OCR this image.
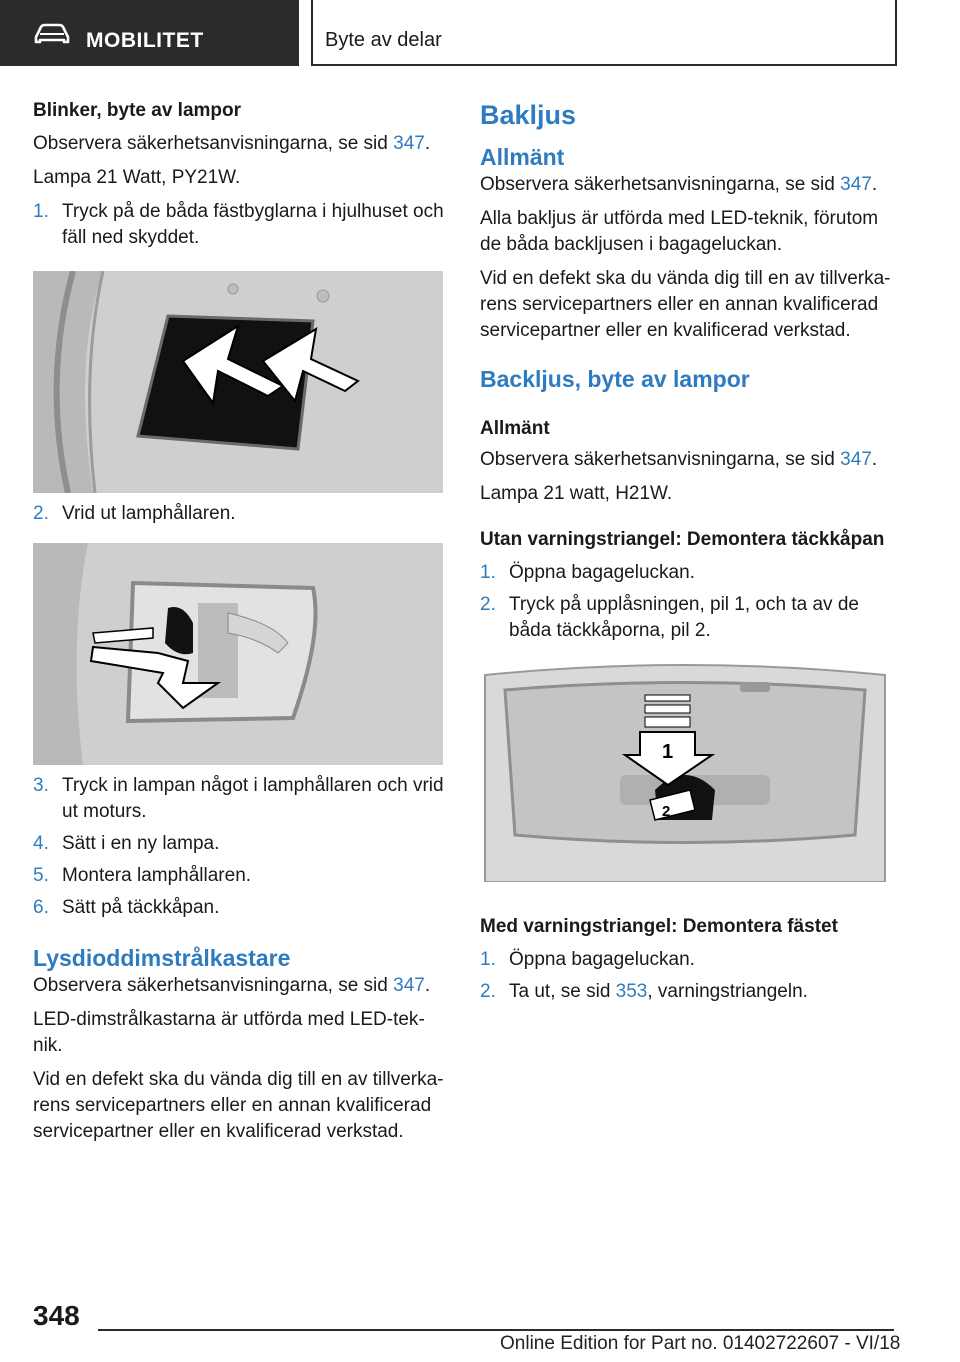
MOBILITET	Byte av delar
Blinker, byte av lampor

Observera säkerhetsanvisningarna, se sid 347.

Lampa 21 Watt, PY21W.

1. Tryck på de båda fästbyglarna i hjulhuset och fäll ned skyddet.
2. Vrid ut lamphållaren.
3. Tryck in lampan något i lamphållaren och vrid ut moturs.
4. Sätt i en ny lampa.
5. Montera lamphållaren.
6. Sätt på täckkåpan.
Lysdioddimstrålkastare

Observera säkerhetsanvisningarna, se sid 347.

LED-dimstrålkastarna är utförda med LED-teknik.

Vid en defekt ska du vända dig till en av tillverkarens servicepartners eller en annan kvalificerad servicepartner eller en kvalificerad verkstad.

Bakljus
Allmänt

Observera säkerhetsanvisningarna, se sid 347.

Alla bakljus är utförda med LED-teknik, förutom de båda backljusen i bagageluckan.

Vid en defekt ska du vända dig till en av tillverkarens servicepartners eller en annan kvalificerad servicepartner eller en kvalificerad verkstad.

Backljus, byte av lampor
Allmänt

Observera säkerhetsanvisningarna, se sid 347.

Lampa 21 watt, H21W.

Utan varningstriangel: Demontera täckkåpan
1. Öppna bagageluckan.
2. Tryck på upplåsningen, pil 1, och ta av de båda täckkåporna, pil 2.
1
2
Med varningstriangel: Demontera fästet
1. Öppna bagageluckan.
2. Ta ut, se sid 353, varningstriangeln.
348
Online Edition for Part no. 01402722607 - VI/18
